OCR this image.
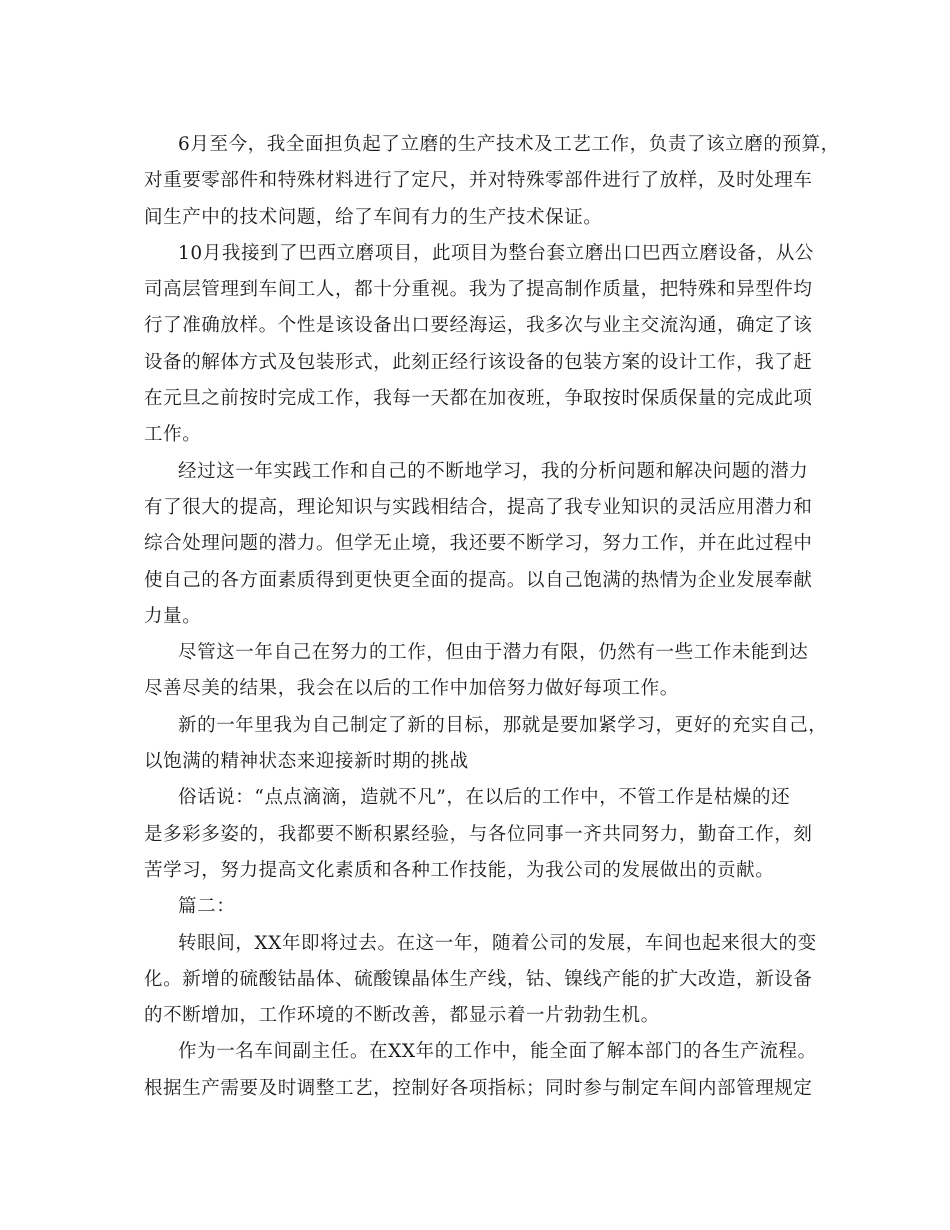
6月至今，我全面担负起了立磨的生产技术及工艺工作，负责了该立磨的预算，
对重要零部件和特殊材料进行了定尺，并对特殊零部件进行了放样，及时处理车
间生产中的技术问题，给了车间有力的生产技术保证。
10月我接到了巴西立磨项目，此项目为整台套立磨出口巴西立磨设备，从公
司高层管理到车间工人，都十分重视。我为了提高制作质量，把特殊和异型件均
行了准确放样。个性是该设备出口要经海运，我多次与业主交流沟通，确定了该
设备的解体方式及包装形式，此刻正经行该设备的包装方案的设计工作，我了赶
在元旦之前按时完成工作，我每一天都在加夜班，争取按时保质保量的完成此项
工作。
经过这一年实践工作和自己的不断地学习，我的分析问题和解决问题的潜力
有了很大的提高，理论知识与实践相结合，提高了我专业知识的灵活应用潜力和
综合处理问题的潜力。但学无止境，我还要不断学习，努力工作，并在此过程中
使自己的各方面素质得到更快更全面的提高。以自己饱满的热情为企业发展奉献
力量。
尽管这一年自己在努力的工作，但由于潜力有限，仍然有一些工作未能到达
尽善尽美的结果，我会在以后的工作中加倍努力做好每项工作。
新的一年里我为自己制定了新的目标，那就是要加紧学习，更好的充实自己，
以饱满的精神状态来迎接新时期的挑战
俗话说：“点点滴滴，造就不凡”，在以后的工作中，不管工作是枯燥的还
是多彩多姿的，我都要不断积累经验，与各位同事一齐共同努力，勤奋工作，刻
苦学习，努力提高文化素质和各种工作技能，为我公司的发展做出的贡献。
篇二：
转眼间，XX年即将过去。在这一年，随着公司的发展，车间也起来很大的变
化。新增的硫酸钴晶体、硫酸镍晶体生产线，钴、镍线产能的扩大改造，新设备
的不断增加，工作环境的不断改善，都显示着一片勃勃生机。
作为一名车间副主任。在XX年的工作中，能全面了解本部门的各生产流程。
根据生产需要及时调整工艺，控制好各项指标；同时参与制定车间内部管理规定
